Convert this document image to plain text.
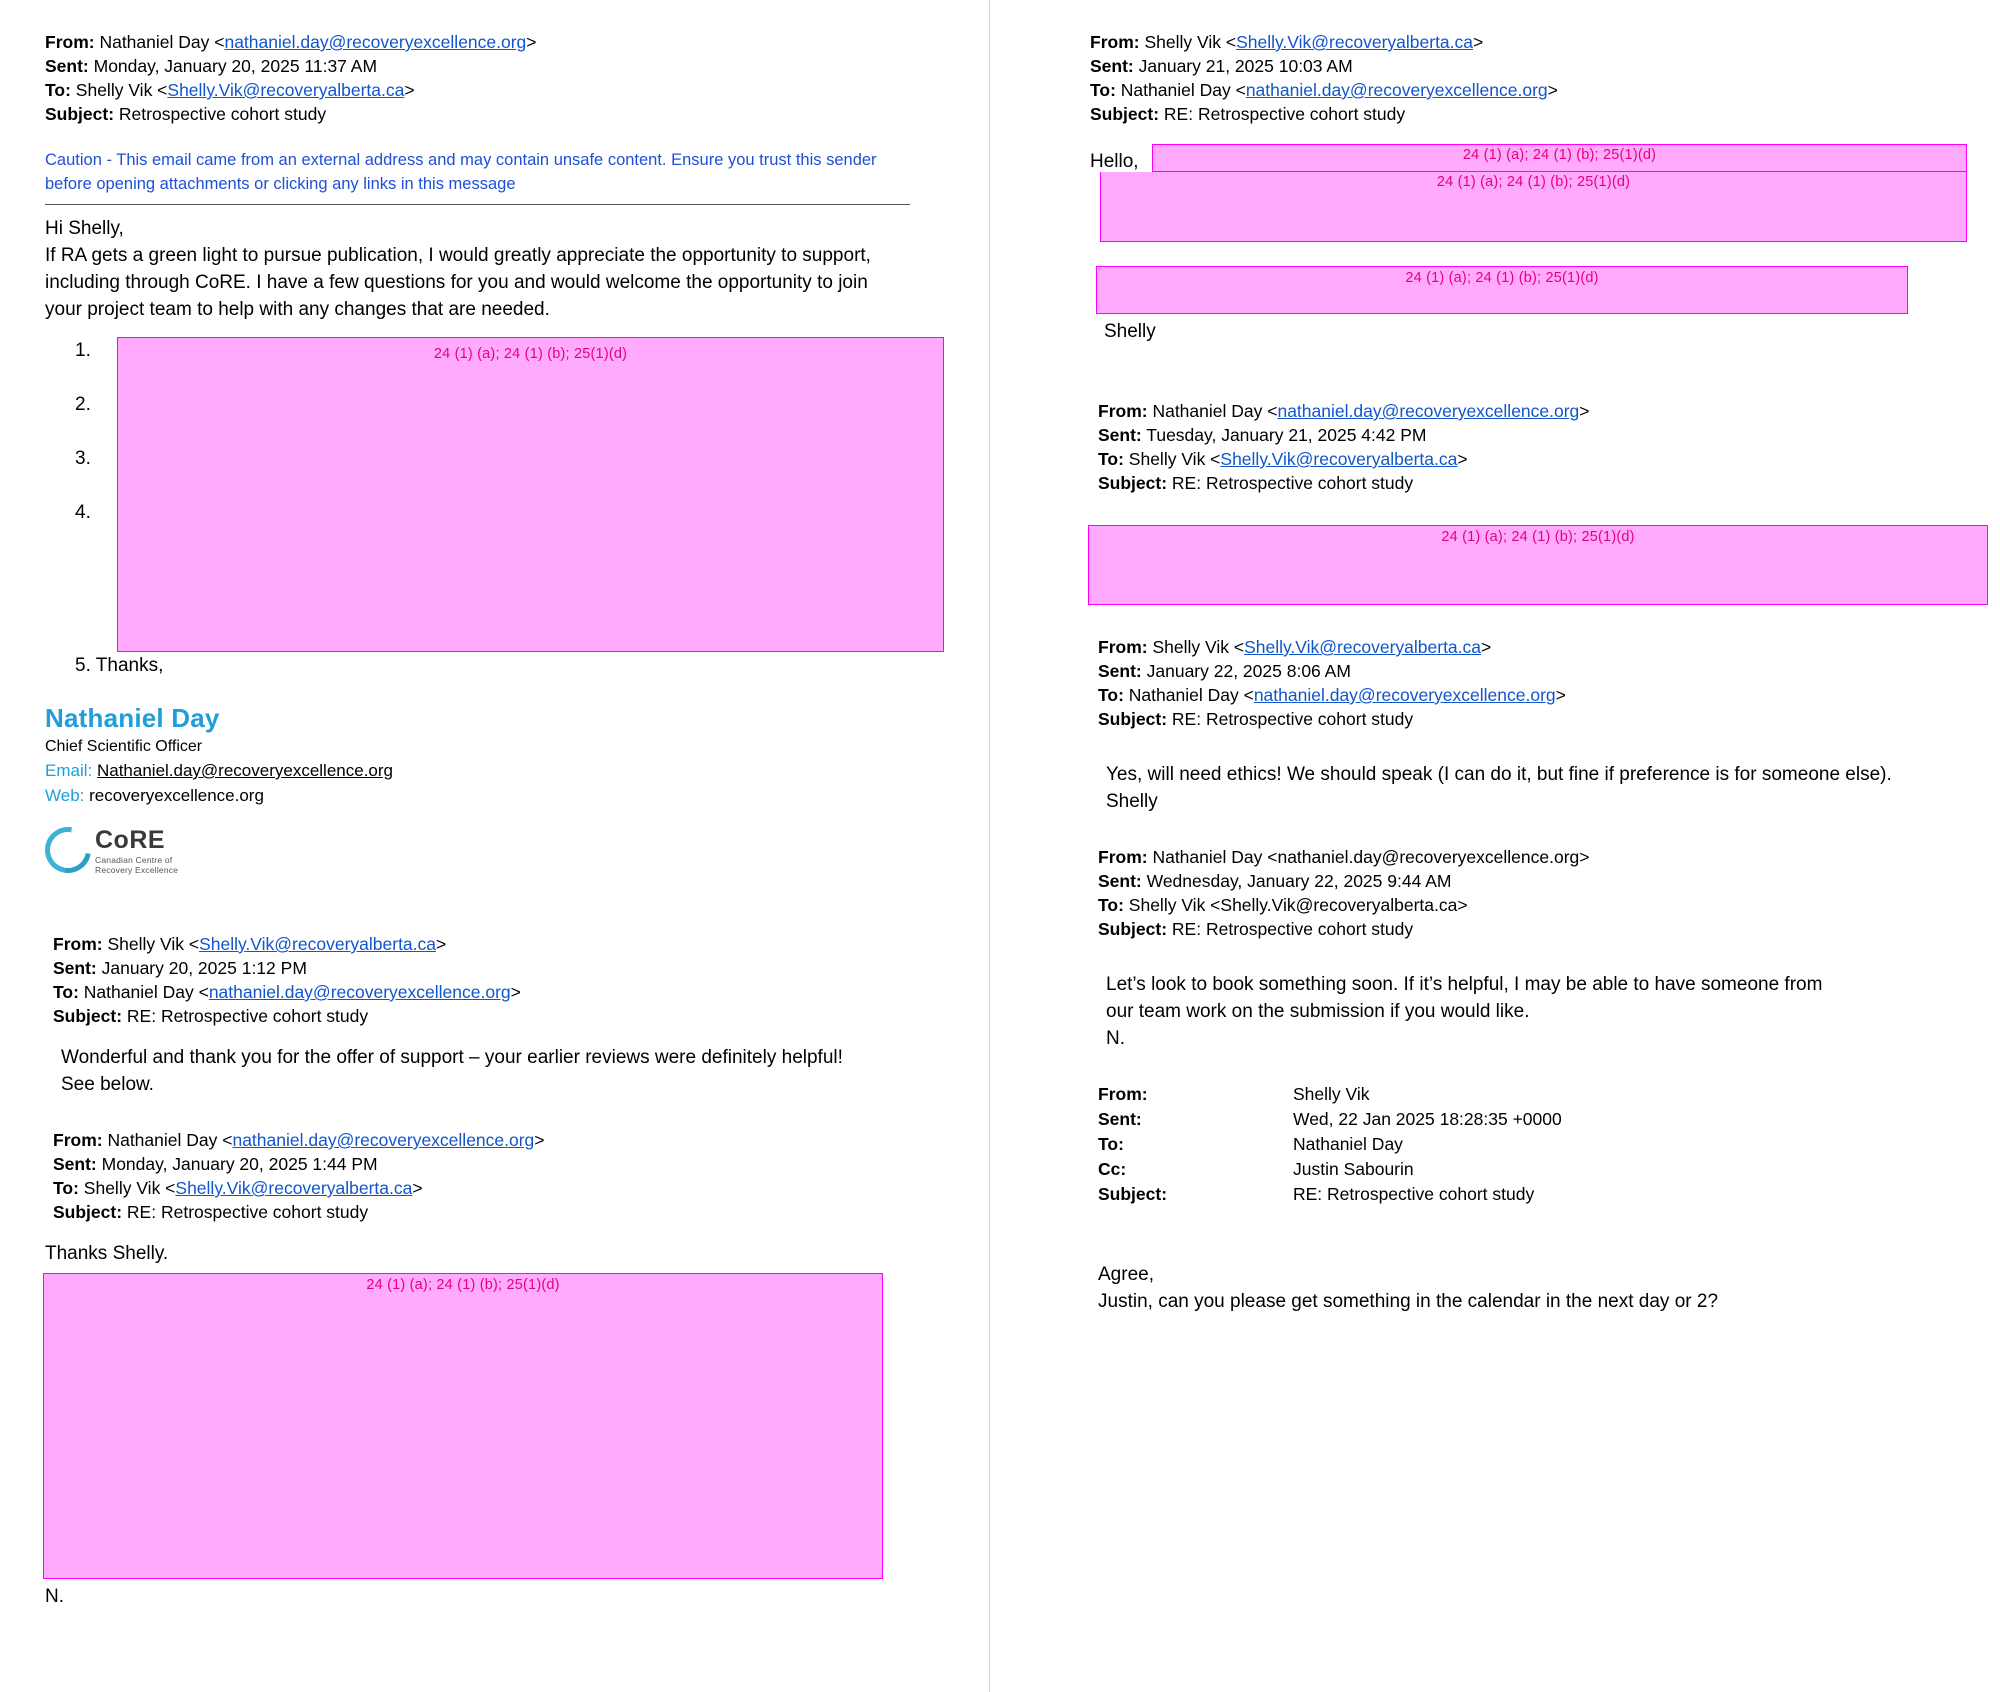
From: Nathaniel Day <nathaniel.day@recoveryexcellence.org>
Sent: Monday, January 20, 2025 11:37 AM
To: Shelly Vik <Shelly.Vik@recoveryalberta.ca>
Subject: Retrospective cohort study
Caution - This email came from an external address and may contain unsafe content. Ensure you trust this sender before opening attachments or clicking any links in this message
Hi Shelly,
If RA gets a green light to pursue publication, I would greatly appreciate the opportunity to support, including through CoRE. I have a few questions for you and would welcome the opportunity to join your project team to help with any changes that are needed.
1.
2.
3.
4.
24 (1) (a); 24 (1) (b); 25(1)(d)
5. Thanks,
Nathaniel Day
Chief Scientific Officer
Email: Nathaniel.day@recoveryexcellence.org
Web: recoveryexcellence.org
CoRE
Canadian Centre of
Recovery Excellence
From: Shelly Vik <Shelly.Vik@recoveryalberta.ca>
Sent: January 20, 2025 1:12 PM
To: Nathaniel Day <nathaniel.day@recoveryexcellence.org>
Subject: RE: Retrospective cohort study
Wonderful and thank you for the offer of support – your earlier reviews were definitely helpful!
See below.
From: Nathaniel Day <nathaniel.day@recoveryexcellence.org>
Sent: Monday, January 20, 2025 1:44 PM
To: Shelly Vik <Shelly.Vik@recoveryalberta.ca>
Subject: RE: Retrospective cohort study
Thanks Shelly.
24 (1) (a); 24 (1) (b); 25(1)(d)
N.
From: Shelly Vik <Shelly.Vik@recoveryalberta.ca>
Sent: January 21, 2025 10:03 AM
To: Nathaniel Day <nathaniel.day@recoveryexcellence.org>
Subject: RE: Retrospective cohort study
Hello,	24 (1) (a); 24 (1) (b); 25(1)(d)
24 (1) (a); 24 (1) (b); 25(1)(d)
24 (1) (a); 24 (1) (b); 25(1)(d)
Shelly
From: Nathaniel Day <nathaniel.day@recoveryexcellence.org>
Sent: Tuesday, January 21, 2025 4:42 PM
To: Shelly Vik <Shelly.Vik@recoveryalberta.ca>
Subject: RE: Retrospective cohort study
24 (1) (a); 24 (1) (b); 25(1)(d)
From: Shelly Vik <Shelly.Vik@recoveryalberta.ca>
Sent: January 22, 2025 8:06 AM
To: Nathaniel Day <nathaniel.day@recoveryexcellence.org>
Subject: RE: Retrospective cohort study
Yes, will need ethics! We should speak (I can do it, but fine if preference is for someone else).
Shelly
From: Nathaniel Day <nathaniel.day@recoveryexcellence.org>
Sent: Wednesday, January 22, 2025 9:44 AM
To: Shelly Vik <Shelly.Vik@recoveryalberta.ca>
Subject: RE: Retrospective cohort study
Let’s look to book something soon. If it’s helpful, I may be able to have someone from
our team work on the submission if you would like.
N.
From:	Shelly Vik
Sent:	Wed, 22 Jan 2025 18:28:35 +0000
To:	Nathaniel Day
Cc:	Justin Sabourin
Subject:	RE: Retrospective cohort study
Agree,
Justin, can you please get something in the calendar in the next day or 2?
